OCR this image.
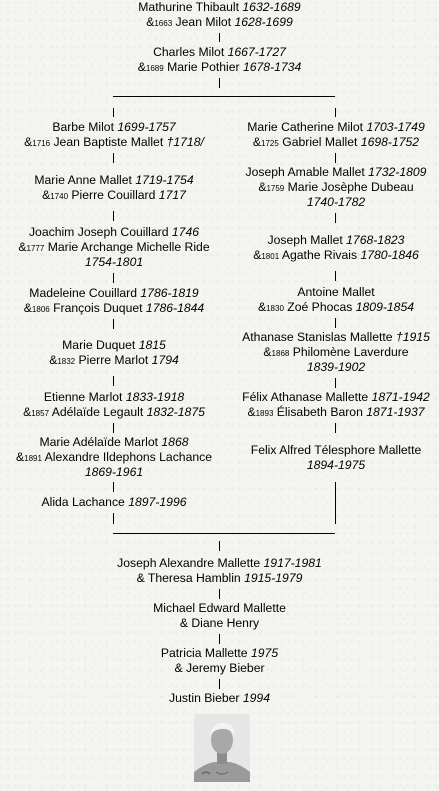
Mathurine Thibault 1632-1689
&1663 Jean Milot 1628-1699
Charles Milot 1667-1727
&1689 Marie Pothier 1678-1734
Barbe Milot 1699-1757
&1716 Jean Baptiste Mallet †1718/
Marie Anne Mallet 1719-1754
&1740 Pierre Couillard 1717
Joachim Joseph Couillard 1746
&1777 Marie Archange Michelle Ride
1754-1801
Madeleine Couillard 1786-1819
&1806 François Duquet 1786-1844
Marie Duquet 1815
&1832 Pierre Marlot 1794
Etienne Marlot 1833-1918
&1857 Adélaïde Legault 1832-1875
Marie Adélaïde Marlot 1868
&1891 Alexandre Ildephons Lachance
1869-1961
Alida Lachance 1897-1996
Marie Catherine Milot 1703-1749
&1725 Gabriel Mallet 1698-1752
Joseph Amable Mallet 1732-1809
&1759 Marie Josèphe Dubeau
1740-1782
Joseph Mallet 1768-1823
&1801 Agathe Rivais 1780-1846
Antoine Mallet
&1830 Zoé Phocas 1809-1854
Athanase Stanislas Mallette †1915
&1868 Philomène Laverdure
1839-1902
Félix Athanase Mallette 1871-1942
&1893 Élisabeth Baron 1871-1937
Felix Alfred Télesphore Mallette
1894-1975
Joseph Alexandre Mallette 1917-1981
& Theresa Hamblin 1915-1979
Michael Edward Mallette
& Diane Henry
Patricia Mallette 1975
& Jeremy Bieber
Justin Bieber 1994
